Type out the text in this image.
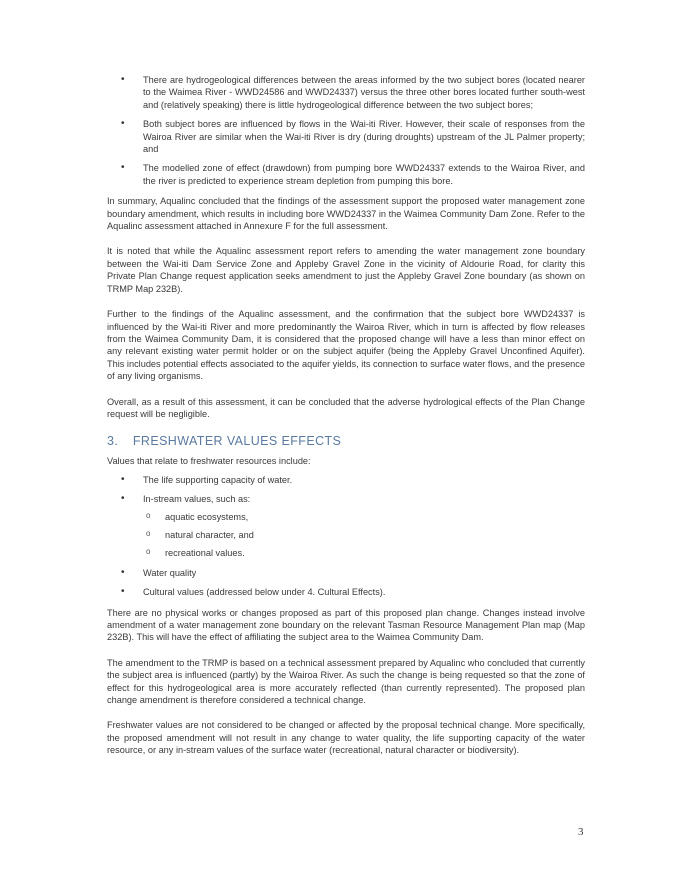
• There are hydrogeological differences between the areas informed by the two subject bores (located nearer to the Waimea River - WWD24586 and WWD24337) versus the three other bores located further south-west and (relatively speaking) there is little hydrogeological difference between the two subject bores;
• Both subject bores are influenced by flows in the Wai-iti River. However, their scale of responses from the Wairoa River are similar when the Wai-iti River is dry (during droughts) upstream of the JL Palmer property; and
• The modelled zone of effect (drawdown) from pumping bore WWD24337 extends to the Wairoa River, and the river is predicted to experience stream depletion from pumping this bore.

In summary, Aqualinc concluded that the findings of the assessment support the proposed water management zone boundary amendment, which results in including bore WWD24337 in the Waimea Community Dam Zone. Refer to the Aqualinc assessment attached in Annexure F for the full assessment.

It is noted that while the Aqualinc assessment report refers to amending the water management zone boundary between the Wai-iti Dam Service Zone and Appleby Gravel Zone in the vicinity of Aldourie Road, for clarity this Private Plan Change request application seeks amendment to just the Appleby Gravel Zone boundary (as shown on TRMP Map 232B).

Further to the findings of the Aqualinc assessment, and the confirmation that the subject bore WWD24337 is influenced by the Wai-iti River and more predominantly the Wairoa River, which in turn is affected by flow releases from the Waimea Community Dam, it is considered that the proposed change will have a less than minor effect on any relevant existing water permit holder or on the subject aquifer (being the Appleby Gravel Unconfined Aquifer). This includes potential effects associated to the aquifer yields, its connection to surface water flows, and the presence of any living organisms.

Overall, as a result of this assessment, it can be concluded that the adverse hydrological effects of the Plan Change request will be negligible.

3. FRESHWATER VALUES EFFECTS

Values that relate to freshwater resources include:

• The life supporting capacity of water.
• In-stream values, such as:
o aquatic ecosystems,
o natural character, and
o recreational values.
• Water quality
• Cultural values (addressed below under 4. Cultural Effects).

There are no physical works or changes proposed as part of this proposed plan change. Changes instead involve amendment of a water management zone boundary on the relevant Tasman Resource Management Plan map (Map 232B). This will have the effect of affiliating the subject area to the Waimea Community Dam.

The amendment to the TRMP is based on a technical assessment prepared by Aqualinc who concluded that currently the subject area is influenced (partly) by the Wairoa River. As such the change is being requested so that the zone of effect for this hydrogeological area is more accurately reflected (than currently represented). The proposed plan change amendment is therefore considered a technical change.

Freshwater values are not considered to be changed or affected by the proposal technical change. More specifically, the proposed amendment will not result in any change to water quality, the life supporting capacity of the water resource, or any in-stream values of the surface water (recreational, natural character or biodiversity).

3
